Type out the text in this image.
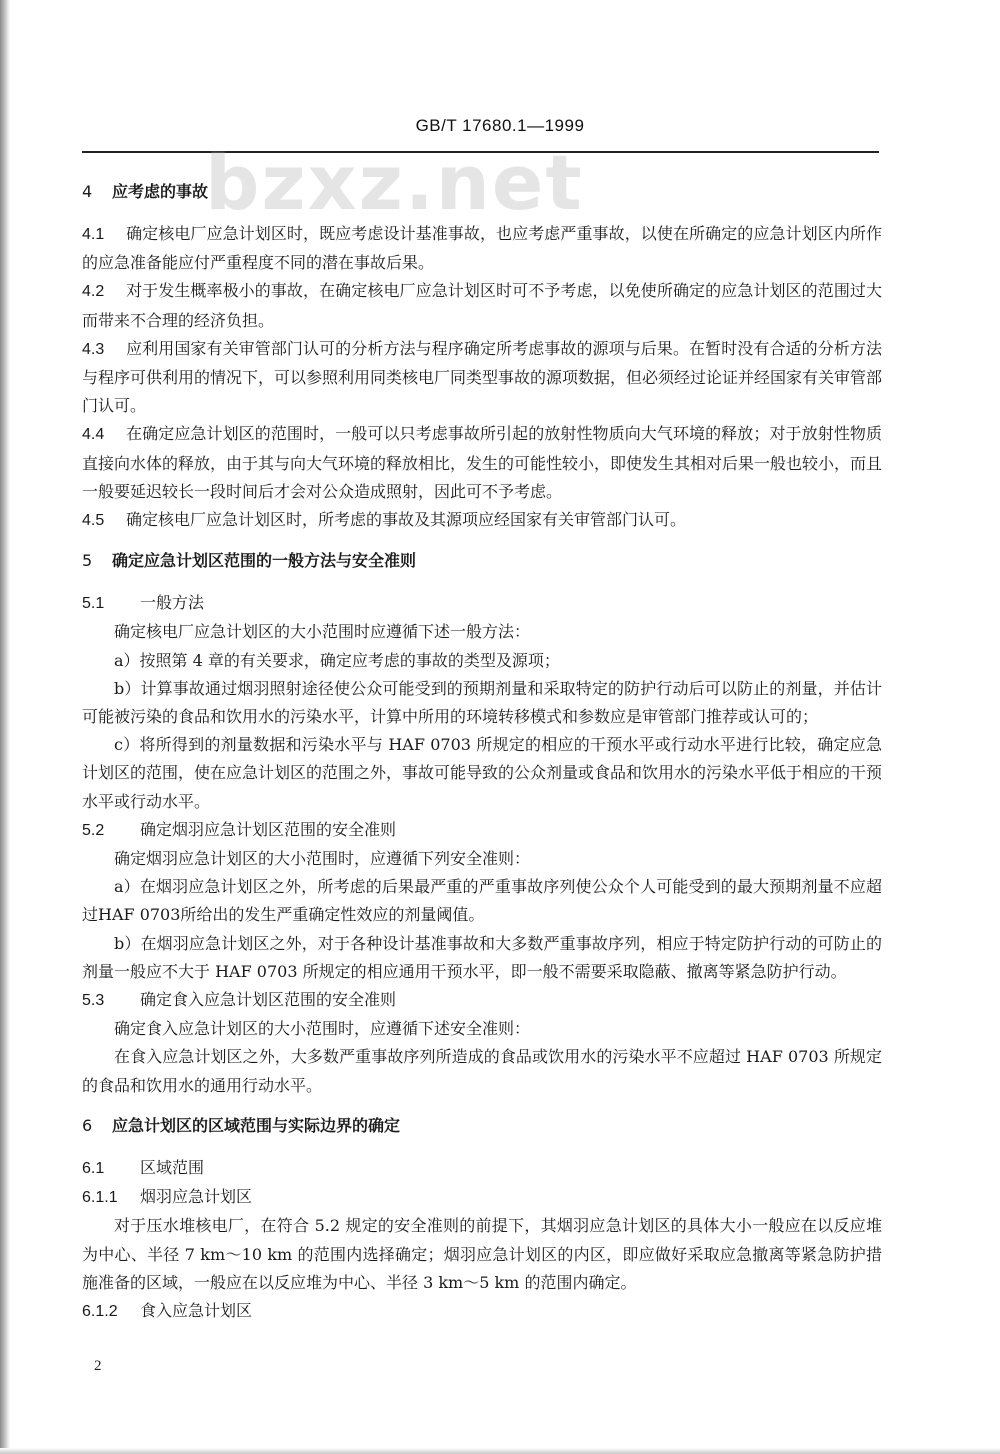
GB/T 17680.1—1999
bzxz.net
4 应考虑的事故

4.1 确定核电厂应急计划区时，既应考虑设计基准事故，也应考虑严重事故，以使在所确定的应急计划区内所作的应急准备能应付严重程度不同的潜在事故后果。

4.2 对于发生概率极小的事故，在确定核电厂应急计划区时可不予考虑，以免使所确定的应急计划区的范围过大而带来不合理的经济负担。

4.3 应利用国家有关审管部门认可的分析方法与程序确定所考虑事故的源项与后果。在暂时没有合适的分析方法与程序可供利用的情况下，可以参照利用同类核电厂同类型事故的源项数据，但必须经过论证并经国家有关审管部门认可。

4.4 在确定应急计划区的范围时，一般可以只考虑事故所引起的放射性物质向大气环境的释放；对于放射性物质直接向水体的释放，由于其与向大气环境的释放相比，发生的可能性较小，即使发生其相对后果一般也较小，而且一般要延迟较长一段时间后才会对公众造成照射，因此可不予考虑。

4.5 确定核电厂应急计划区时，所考虑的事故及其源项应经国家有关审管部门认可。

5 确定应急计划区范围的一般方法与安全准则

5.1 一般方法

确定核电厂应急计划区的大小范围时应遵循下述一般方法：

a）按照第 4 章的有关要求，确定应考虑的事故的类型及源项；

b）计算事故通过烟羽照射途径使公众可能受到的预期剂量和采取特定的防护行动后可以防止的剂量，并估计可能被污染的食品和饮用水的污染水平，计算中所用的环境转移模式和参数应是审管部门推荐或认可的；

c）将所得到的剂量数据和污染水平与 HAF 0703 所规定的相应的干预水平或行动水平进行比较，确定应急计划区的范围，使在应急计划区的范围之外，事故可能导致的公众剂量或食品和饮用水的污染水平低于相应的干预水平或行动水平。

5.2 确定烟羽应急计划区范围的安全准则

确定烟羽应急计划区的大小范围时，应遵循下列安全准则：

a）在烟羽应急计划区之外，所考虑的后果最严重的严重事故序列使公众个人可能受到的最大预期剂量不应超过HAF 0703所给出的发生严重确定性效应的剂量阈值。

b）在烟羽应急计划区之外，对于各种设计基准事故和大多数严重事故序列，相应于特定防护行动的可防止的剂量一般应不大于 HAF 0703 所规定的相应通用干预水平，即一般不需要采取隐蔽、撤离等紧急防护行动。

5.3 确定食入应急计划区范围的安全准则

确定食入应急计划区的大小范围时，应遵循下述安全准则：

在食入应急计划区之外，大多数严重事故序列所造成的食品或饮用水的污染水平不应超过 HAF 0703 所规定的食品和饮用水的通用行动水平。

6 应急计划区的区域范围与实际边界的确定

6.1 区域范围

6.1.1 烟羽应急计划区

对于压水堆核电厂，在符合 5.2 规定的安全准则的前提下，其烟羽应急计划区的具体大小一般应在以反应堆为中心、半径 7 km～10 km 的范围内选择确定；烟羽应急计划区的内区，即应做好采取应急撤离等紧急防护措施准备的区域，一般应在以反应堆为中心、半径 3 km～5 km 的范围内确定。

6.1.2 食入应急计划区

2
